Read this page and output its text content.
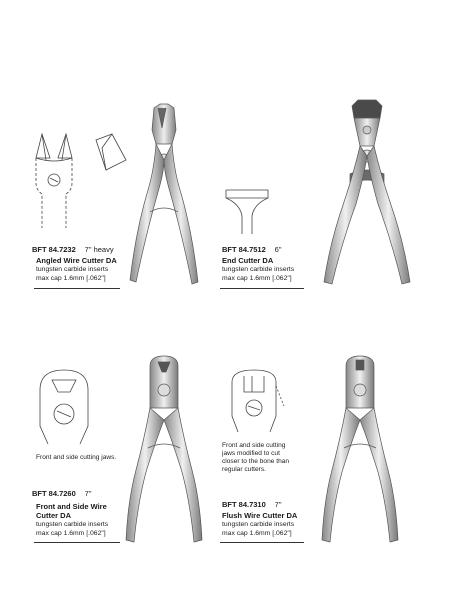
BFT 84.7232 7" heavy
Angled Wire Cutter DA
tungsten carbide inserts
max cap 1.6mm [.062"]
BFT 84.7512 6"
End Cutter DA
tungsten carbide inserts
max cap 1.6mm [.062"]
Front and side cutting jaws.
BFT 84.7260 7"
Front and Side Wire
Cutter DA
tungsten carbide inserts
max cap 1.6mm [.062"]
Front and side cutting
jaws modified to cut
closer to the bone than
regular cutters.
BFT 84.7310 7"
Flush Wire Cutter DA
tungsten carbide inserts
max cap 1.6mm [.062"]
